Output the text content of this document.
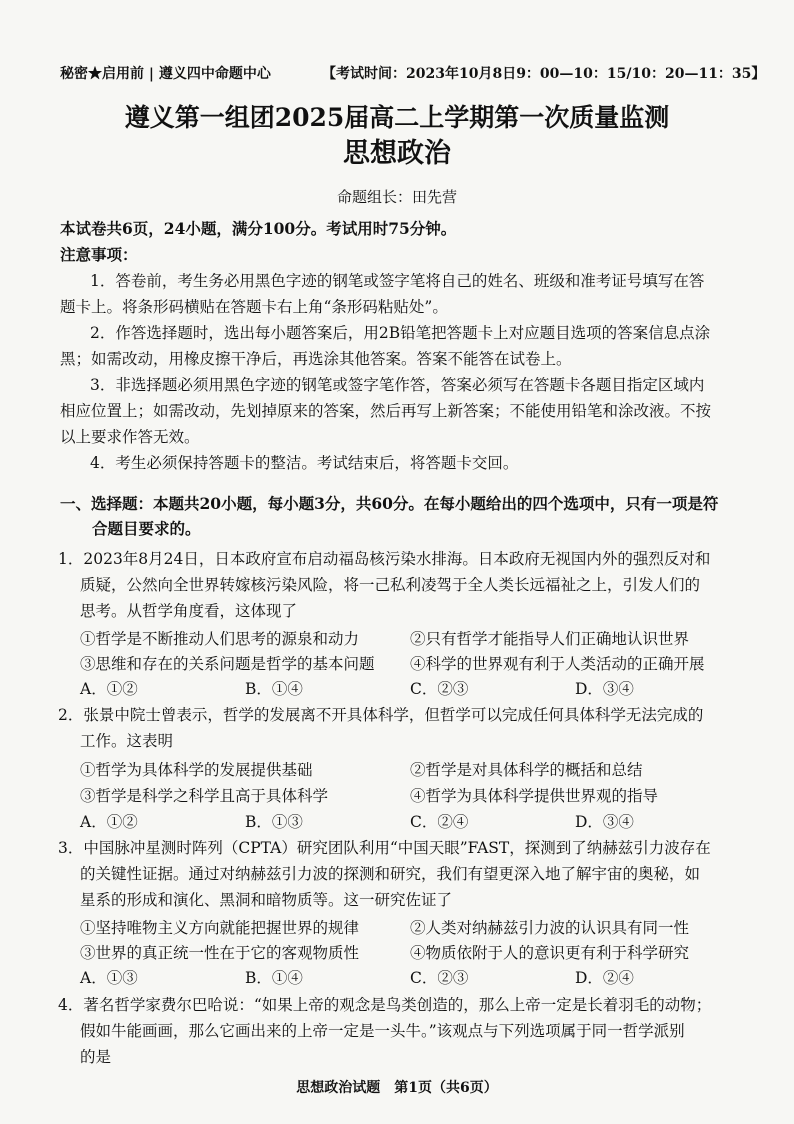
秘密★启用前 | 遵义四中命题中心	【考试时间：2023年10月8日9：00—10：15/10：20—11：35】
遵义第一组团2025届高二上学期第一次质量监测
思想政治
命题组长：田先营
本试卷共6页，24小题，满分100分。考试用时75分钟。
注意事项：
1．答卷前，考生务必用黑色字迹的钢笔或签字笔将自己的姓名、班级和准考证号填写在答
题卡上。将条形码横贴在答题卡右上角“条形码粘贴处”。
2．作答选择题时，选出每小题答案后，用2B铅笔把答题卡上对应题目选项的答案信息点涂
黑；如需改动，用橡皮擦干净后，再选涂其他答案。答案不能答在试卷上。
3．非选择题必须用黑色字迹的钢笔或签字笔作答，答案必须写在答题卡各题目指定区域内
相应位置上；如需改动，先划掉原来的答案，然后再写上新答案；不能使用铅笔和涂改液。不按
以上要求作答无效。
4．考生必须保持答题卡的整洁。考试结束后，将答题卡交回。
一、选择题：本题共20小题，每小题3分，共60分。在每小题给出的四个选项中，只有一项是符
合题目要求的。
1．2023年8月24日，日本政府宣布启动福岛核污染水排海。日本政府无视国内外的强烈反对和
质疑，公然向全世界转嫁核污染风险，将一己私利凌驾于全人类长远福祉之上，引发人们的
思考。从哲学角度看，这体现了
①哲学是不断推动人们思考的源泉和动力	②只有哲学才能指导人们正确地认识世界
③思维和存在的关系问题是哲学的基本问题	④科学的世界观有利于人类活动的正确开展
A．①②	B．①④	C．②③	D．③④
2．张景中院士曾表示，哲学的发展离不开具体科学，但哲学可以完成任何具体科学无法完成的
工作。这表明
①哲学为具体科学的发展提供基础	②哲学是对具体科学的概括和总结
③哲学是科学之科学且高于具体科学	④哲学为具体科学提供世界观的指导
A．①②	B．①③	C．②④	D．③④
3．中国脉冲星测时阵列（CPTA）研究团队利用“中国天眼”FAST，探测到了纳赫兹引力波存在
的关键性证据。通过对纳赫兹引力波的探测和研究，我们有望更深入地了解宇宙的奥秘，如
星系的形成和演化、黑洞和暗物质等。这一研究佐证了
①坚持唯物主义方向就能把握世界的规律	②人类对纳赫兹引力波的认识具有同一性
③世界的真正统一性在于它的客观物质性	④物质依附于人的意识更有利于科学研究
A．①③	B．①④	C．②③	D．②④
4．著名哲学家费尔巴哈说：“如果上帝的观念是鸟类创造的，那么上帝一定是长着羽毛的动物；
假如牛能画画，那么它画出来的上帝一定是一头牛。”该观点与下列选项属于同一哲学派别
的是
思想政治试题　第1页（共6页）
